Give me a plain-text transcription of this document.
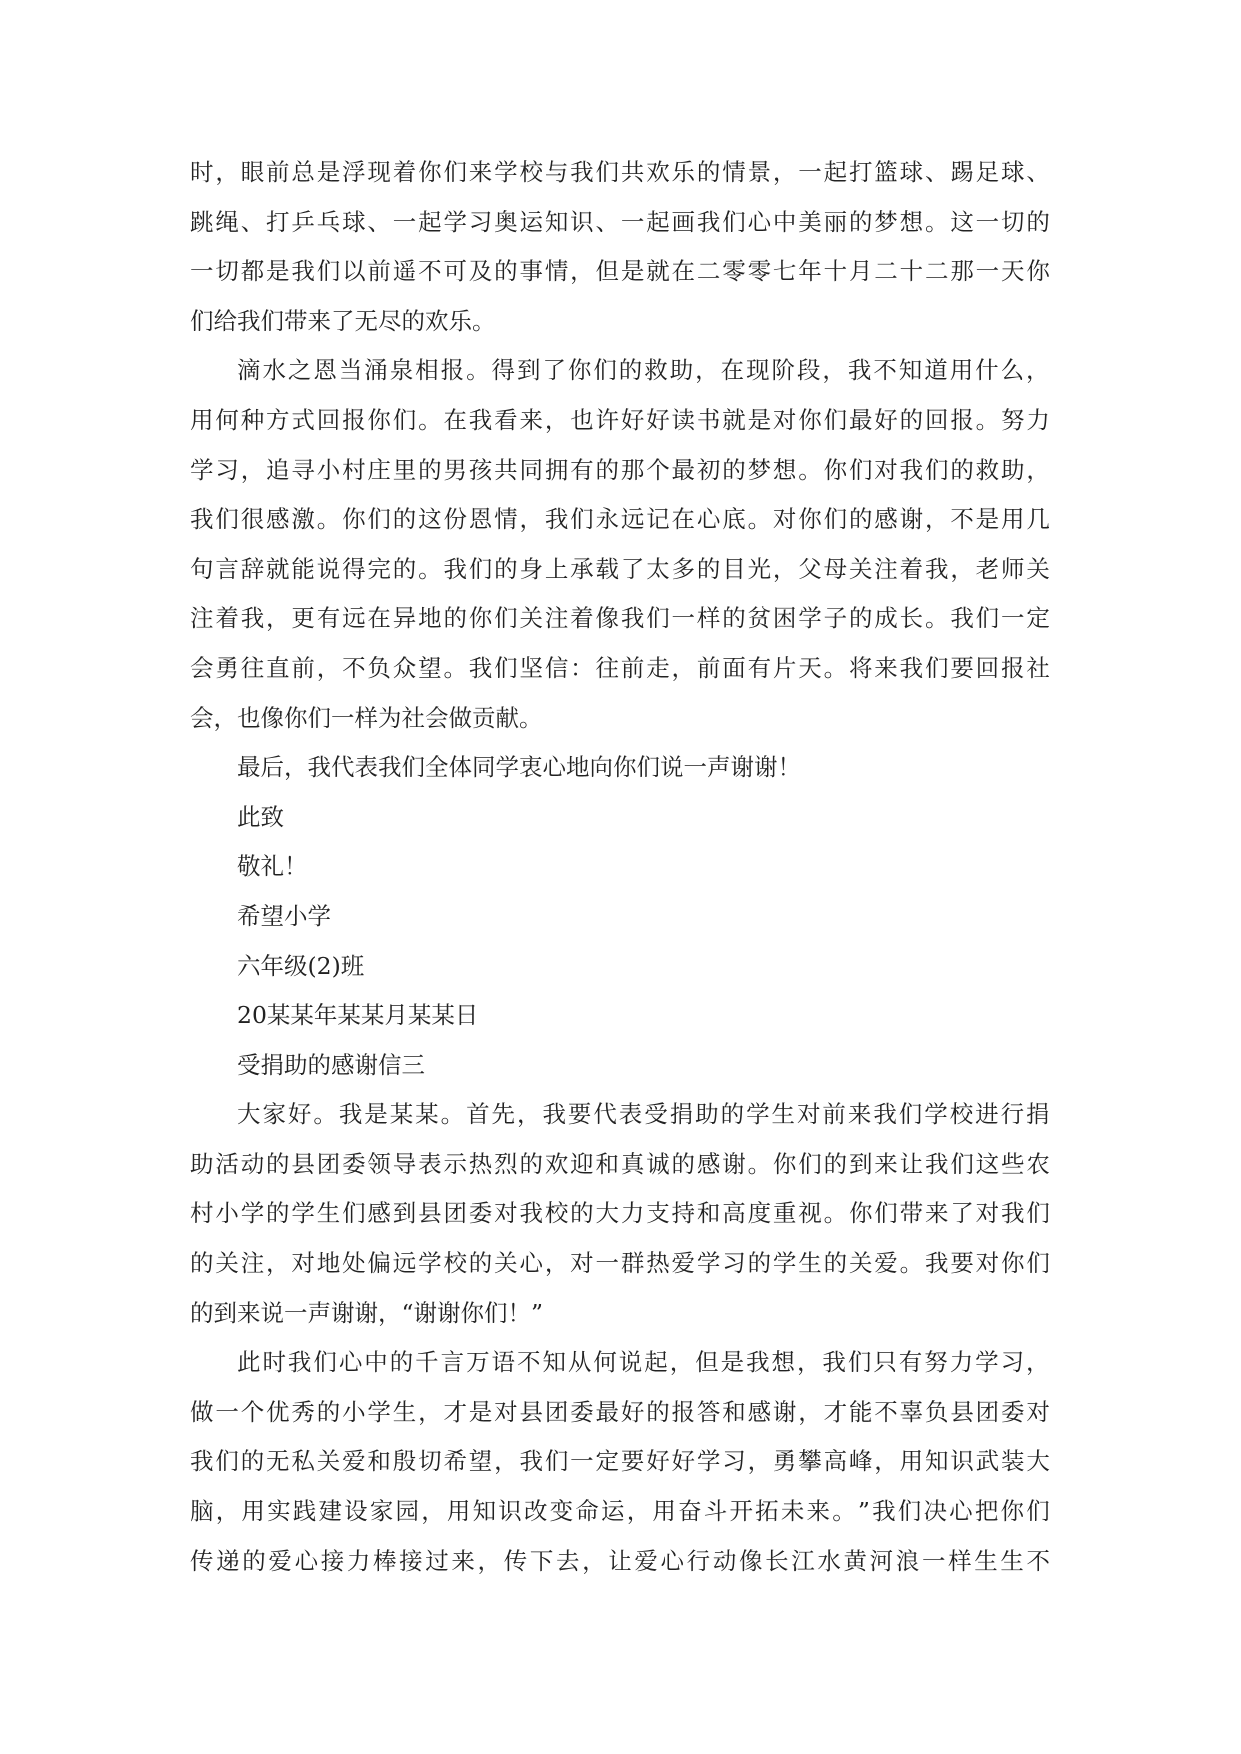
时 ， 眼 前 总 是 浮 现 着 你 们 来 学 校 与 我 们 共 欢 乐 的 情 景 ， 一 起 打 篮 球 、 踢 足 球 、
跳 绳 、 打 乒 乓 球 、 一 起 学 习 奥 运 知 识 、 一 起 画 我 们 心 中 美 丽 的 梦 想 。 这 一 切 的
一 切 都 是 我 们 以 前 遥 不 可 及 的 事 情 ， 但 是 就 在 二 零 零 七 年 十 月 二 十 二 那 一 天 你
们给我们带来了无尽的欢乐。
滴 水 之 恩 当 涌 泉 相 报 。 得 到 了 你 们 的 救 助 ， 在 现 阶 段 ， 我 不 知 道 用 什 么 ，
用 何 种 方 式 回 报 你 们 。 在 我 看 来 ， 也 许 好 好 读 书 就 是 对 你 们 最 好 的 回 报 。 努 力
学 习 ， 追 寻 小 村 庄 里 的 男 孩 共 同 拥 有 的 那 个 最 初 的 梦 想 。 你 们 对 我 们 的 救 助 ，
我 们 很 感 激 。 你 们 的 这 份 恩 情 ， 我 们 永 远 记 在 心 底 。 对 你 们 的 感 谢 ， 不 是 用 几
句 言 辞 就 能 说 得 完 的 。 我 们 的 身 上 承 载 了 太 多 的 目 光 ， 父 母 关 注 着 我 ， 老 师 关
注 着 我 ， 更 有 远 在 异 地 的 你 们 关 注 着 像 我 们 一 样 的 贫 困 学 子 的 成 长 。 我 们 一 定
会 勇 往 直 前 ， 不 负 众 望 。 我 们 坚 信 ： 往 前 走 ， 前 面 有 片 天 。 将 来 我 们 要 回 报 社
会，也像你们一样为社会做贡献。
最后，我代表我们全体同学衷心地向你们说一声谢谢！
此致
敬礼！
希望小学
六年级(2)班
20某某年某某月某某日
受捐助的感谢信三
大 家 好 。 我 是 某 某 。 首 先 ， 我 要 代 表 受 捐 助 的 学 生 对 前 来 我 们 学 校 进 行 捐
助 活 动 的 县 团 委 领 导 表 示 热 烈 的 欢 迎 和 真 诚 的 感 谢 。 你 们 的 到 来 让 我 们 这 些 农
村 小 学 的 学 生 们 感 到 县 团 委 对 我 校 的 大 力 支 持 和 高 度 重 视 。 你 们 带 来 了 对 我 们
的 关 注 ， 对 地 处 偏 远 学 校 的 关 心 ， 对 一 群 热 爱 学 习 的 学 生 的 关 爱 。 我 要 对 你 们
的到来说一声谢谢，“谢谢你们！”
此 时 我 们 心 中 的 千 言 万 语 不 知 从 何 说 起 ， 但 是 我 想 ， 我 们 只 有 努 力 学 习 ，
做 一 个 优 秀 的 小 学 生 ， 才 是 对 县 团 委 最 好 的 报 答 和 感 谢 ， 才 能 不 辜 负 县 团 委 对
我 们 的 无 私 关 爱 和 殷 切 希 望 ， 我 们 一 定 要 好 好 学 习 ， 勇 攀 高 峰 ， 用 知 识 武 装 大
脑 ， 用 实 践 建 设 家 园 ， 用 知 识 改 变 命 运 ， 用 奋 斗 开 拓 未 来 。 ” 我 们 决 心 把 你 们
传 递 的 爱 心 接 力 棒 接 过 来 ， 传 下 去 ， 让 爱 心 行 动 像 长 江 水 黄 河 浪 一 样 生 生 不
